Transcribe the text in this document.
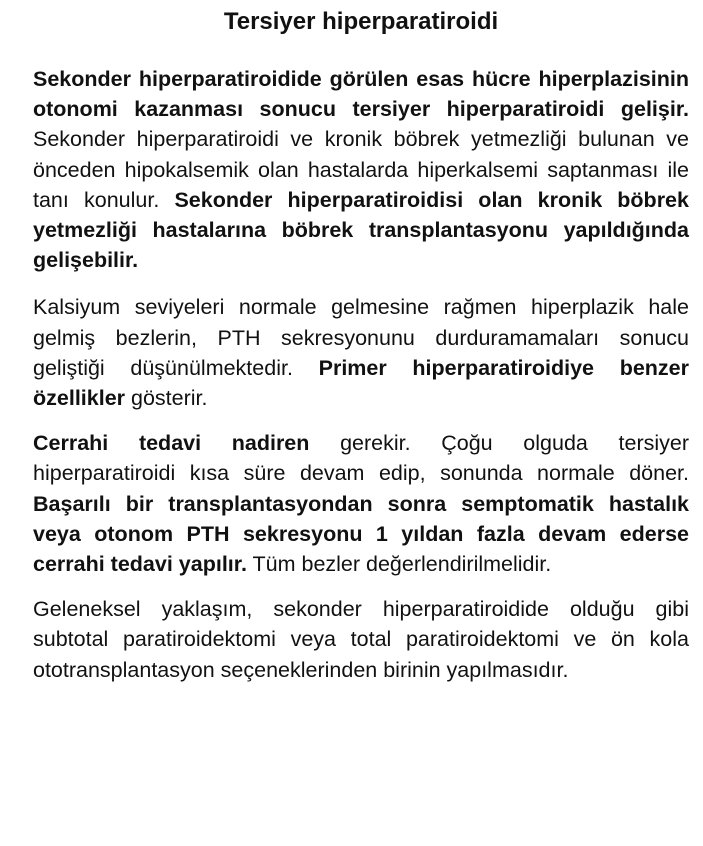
Tersiyer hiperparatiroidi

Sekonder hiperparatiroidide görülen esas hücre hiperplazisinin otonomi kazanması sonucu tersiyer hiperparatiroidi gelişir. Sekonder hiperparatiroidi ve kronik böbrek yetmezliği bulunan ve önceden hipokalsemik olan hastalarda hiperkalsemi saptanması ile tanı konulur. Sekonder hiperparatiroidisi olan kronik böbrek yetmezliği hastalarına böbrek transplantasyonu yapıldığında gelişebilir.

Kalsiyum seviyeleri normale gelmesine rağmen hiperplazik hale gelmiş bezlerin, PTH sekresyonunu durduramamaları sonucu geliştiği düşünülmektedir. Primer hiperparatiroidiye benzer özellikler gösterir.

Cerrahi tedavi nadiren gerekir. Çoğu olguda tersiyer hiperparatiroidi kısa süre devam edip, sonunda normale döner. Başarılı bir transplantasyondan sonra semptomatik hastalık veya otonom PTH sekresyonu 1 yıldan fazla devam ederse cerrahi tedavi yapılır. Tüm bezler değerlendirilmelidir.

Geleneksel yaklaşım, sekonder hiperparatiroidide olduğu gibi subtotal paratiroidektomi veya total paratiroidektomi ve ön kola ototransplantasyon seçeneklerinden birinin yapılmasıdır.
